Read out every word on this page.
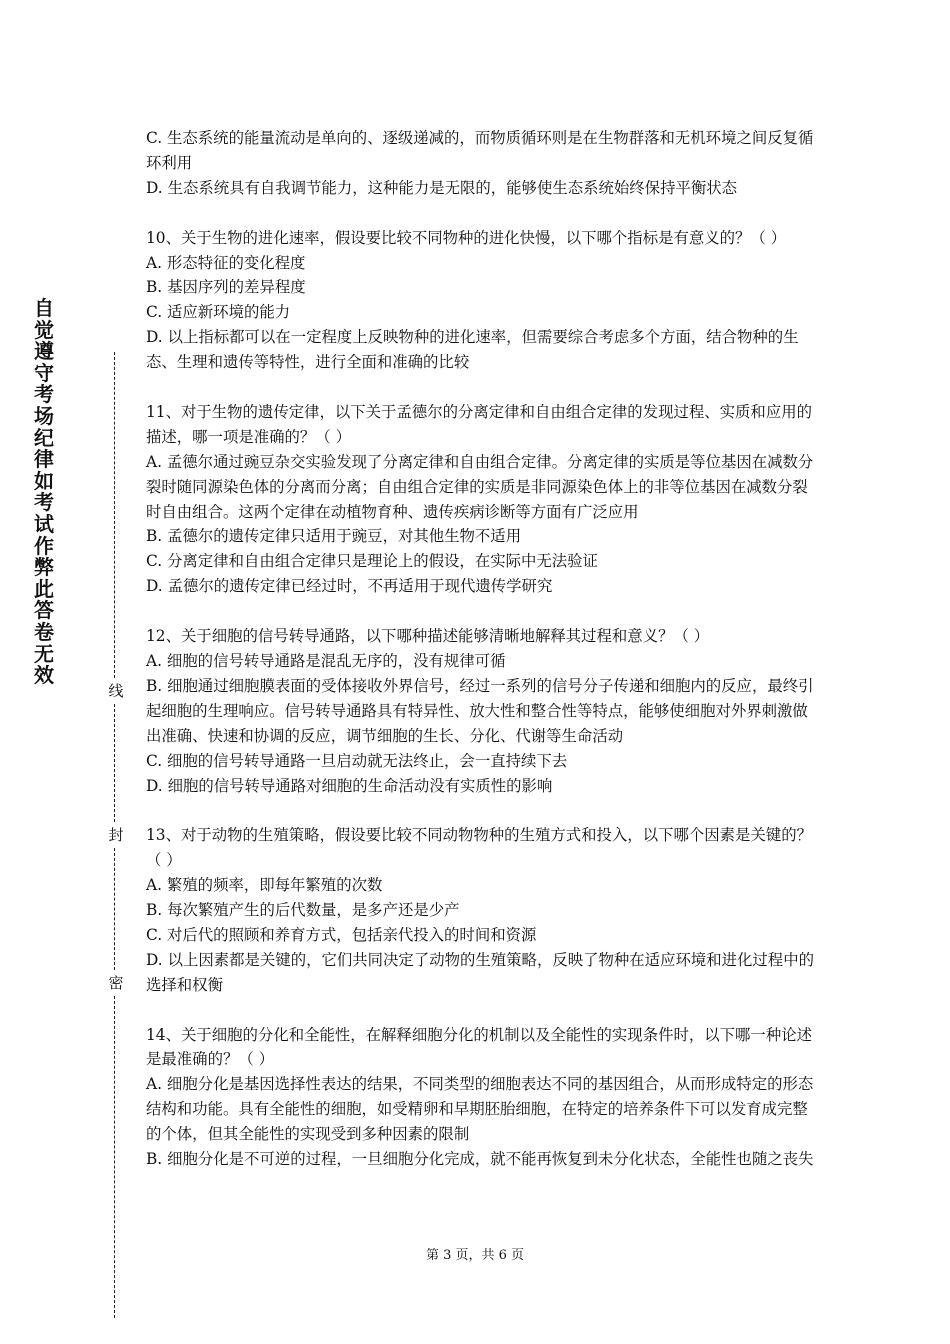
自觉遵守考场纪律如考试作弊此答卷无效
线
封
密

C. 生态系统的能量流动是单向的、逐级递减的，而物质循环则是在生物群落和无机环境之间反复循环利用

D. 生态系统具有自我调节能力，这种能力是无限的，能够使生态系统始终保持平衡状态

10、关于生物的进化速率，假设要比较不同物种的进化快慢，以下哪个指标是有意义的？（ ）

A. 形态特征的变化程度

B. 基因序列的差异程度

C. 适应新环境的能力

D. 以上指标都可以在一定程度上反映物种的进化速率，但需要综合考虑多个方面，结合物种的生态、生理和遗传等特性，进行全面和准确的比较

11、对于生物的遗传定律，以下关于孟德尔的分离定律和自由组合定律的发现过程、实质和应用的描述，哪一项是准确的？（ ）

A. 孟德尔通过豌豆杂交实验发现了分离定律和自由组合定律。分离定律的实质是等位基因在减数分裂时随同源染色体的分离而分离；自由组合定律的实质是非同源染色体上的非等位基因在减数分裂时自由组合。这两个定律在动植物育种、遗传疾病诊断等方面有广泛应用

B. 孟德尔的遗传定律只适用于豌豆，对其他生物不适用

C. 分离定律和自由组合定律只是理论上的假设，在实际中无法验证

D. 孟德尔的遗传定律已经过时，不再适用于现代遗传学研究

12、关于细胞的信号转导通路，以下哪种描述能够清晰地解释其过程和意义？（ ）

A. 细胞的信号转导通路是混乱无序的，没有规律可循

B. 细胞通过细胞膜表面的受体接收外界信号，经过一系列的信号分子传递和细胞内的反应，最终引起细胞的生理响应。信号转导通路具有特异性、放大性和整合性等特点，能够使细胞对外界刺激做出准确、快速和协调的反应，调节细胞的生长、分化、代谢等生命活动

C. 细胞的信号转导通路一旦启动就无法终止，会一直持续下去

D. 细胞的信号转导通路对细胞的生命活动没有实质性的影响

13、对于动物的生殖策略，假设要比较不同动物物种的生殖方式和投入，以下哪个因素是关键的？（ ）

A. 繁殖的频率，即每年繁殖的次数

B. 每次繁殖产生的后代数量，是多产还是少产

C. 对后代的照顾和养育方式，包括亲代投入的时间和资源

D. 以上因素都是关键的，它们共同决定了动物的生殖策略，反映了物种在适应环境和进化过程中的选择和权衡

14、关于细胞的分化和全能性，在解释细胞分化的机制以及全能性的实现条件时，以下哪一种论述是最准确的？（ ）

A. 细胞分化是基因选择性表达的结果，不同类型的细胞表达不同的基因组合，从而形成特定的形态结构和功能。具有全能性的细胞，如受精卵和早期胚胎细胞，在特定的培养条件下可以发育成完整的个体，但其全能性的实现受到多种因素的限制

B. 细胞分化是不可逆的过程，一旦细胞分化完成，就不能再恢复到未分化状态，全能性也随之丧失

第 3 页，共 6 页
